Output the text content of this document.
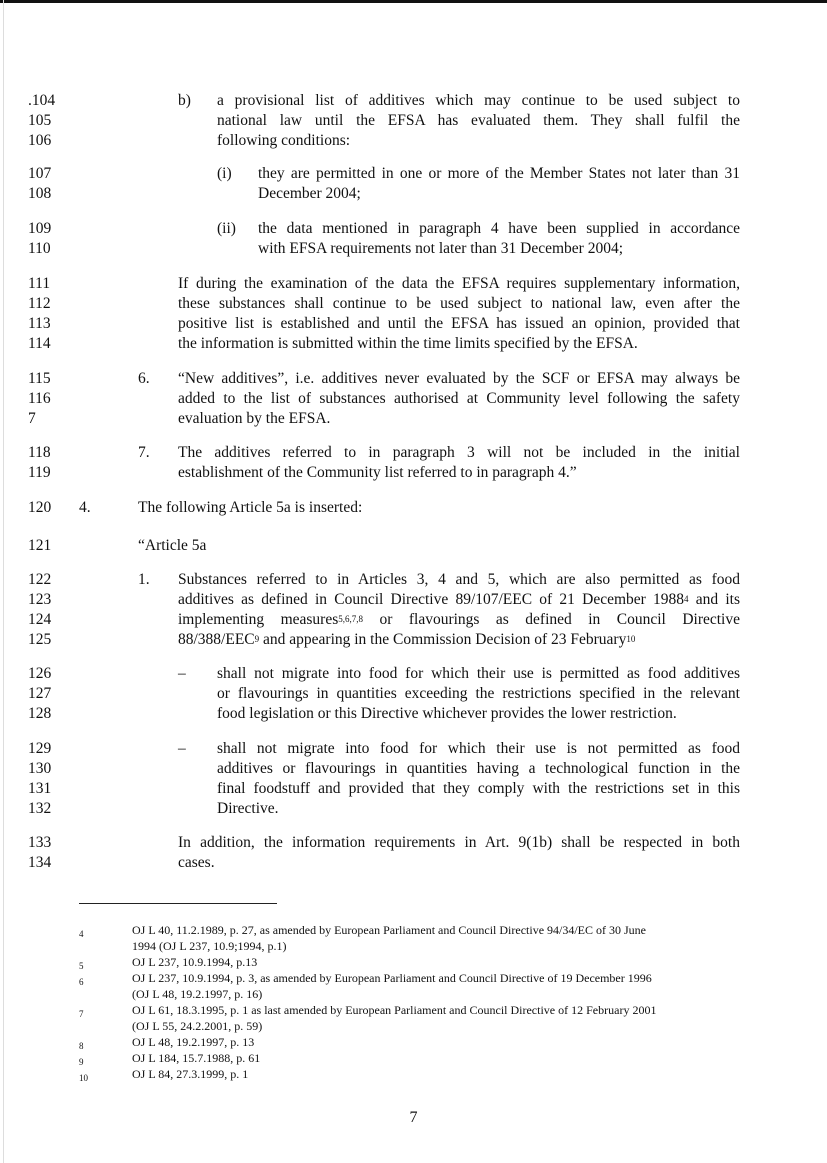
.104
105
106
107
108
109
110
111
112
113
114
115
116
7
118
119
120
121
122
123
124
125
126
127
128
129
130
131
132
133
134
b) a provisional list of additives which may continue to be used subject to
national law until the EFSA has evaluated them. They shall fulfil the
following conditions:
(i) they are permitted in one or more of the Member States not later than 31
December 2004;
(ii) the data mentioned in paragraph 4 have been supplied in accordance
with EFSA requirements not later than 31 December 2004;
If during the examination of the data the EFSA requires supplementary information,
these substances shall continue to be used subject to national law, even after the
positive list is established and until the EFSA has issued an opinion, provided that
the information is submitted within the time limits specified by the EFSA.
6. “New additives”, i.e. additives never evaluated by the SCF or EFSA may always be
added to the list of substances authorised at Community level following the safety
evaluation by the EFSA.
7. The additives referred to in paragraph 3 will not be included in the initial
establishment of the Community list referred to in paragraph 4.”
4.	The following Article 5a is inserted:
“Article 5a
1. Substances referred to in Articles 3, 4 and 5, which are also permitted as food
additives as defined in Council Directive 89/107/EEC of 21 December 1988$^4$ and its
implementing measures$^{5,6,7,8}$ or flavourings as defined in Council Directive
88/388/EEC$^9$ and appearing in the Commission Decision of 23 February$^{10}$
– shall not migrate into food for which their use is permitted as food additives
or flavourings in quantities exceeding the restrictions specified in the relevant
food legislation or this Directive whichever provides the lower restriction.
– shall not migrate into food for which their use is not permitted as food
additives or flavourings in quantities having a technological function in the
final foodstuff and provided that they comply with the restrictions set in this
Directive.
In addition, the information requirements in Art. 9(1b) shall be respected in both
cases.
4	OJ L 40, 11.2.1989, p. 27, as amended by European Parliament and Council Directive 94/34/EC of 30 June
1994 (OJ L 237, 10.9;1994, p.1)
5	OJ L 237, 10.9.1994, p.13
6	OJ L 237, 10.9.1994, p. 3, as amended by European Parliament and Council Directive of 19 December 1996
(OJ L 48, 19.2.1997, p. 16)
7	OJ L 61, 18.3.1995, p. 1 as last amended by European Parliament and Council Directive of 12 February 2001
(OJ L 55, 24.2.2001, p. 59)
8	OJ L 48, 19.2.1997, p. 13
9	OJ L 184, 15.7.1988, p. 61
10	OJ L 84, 27.3.1999, p. 1
7
